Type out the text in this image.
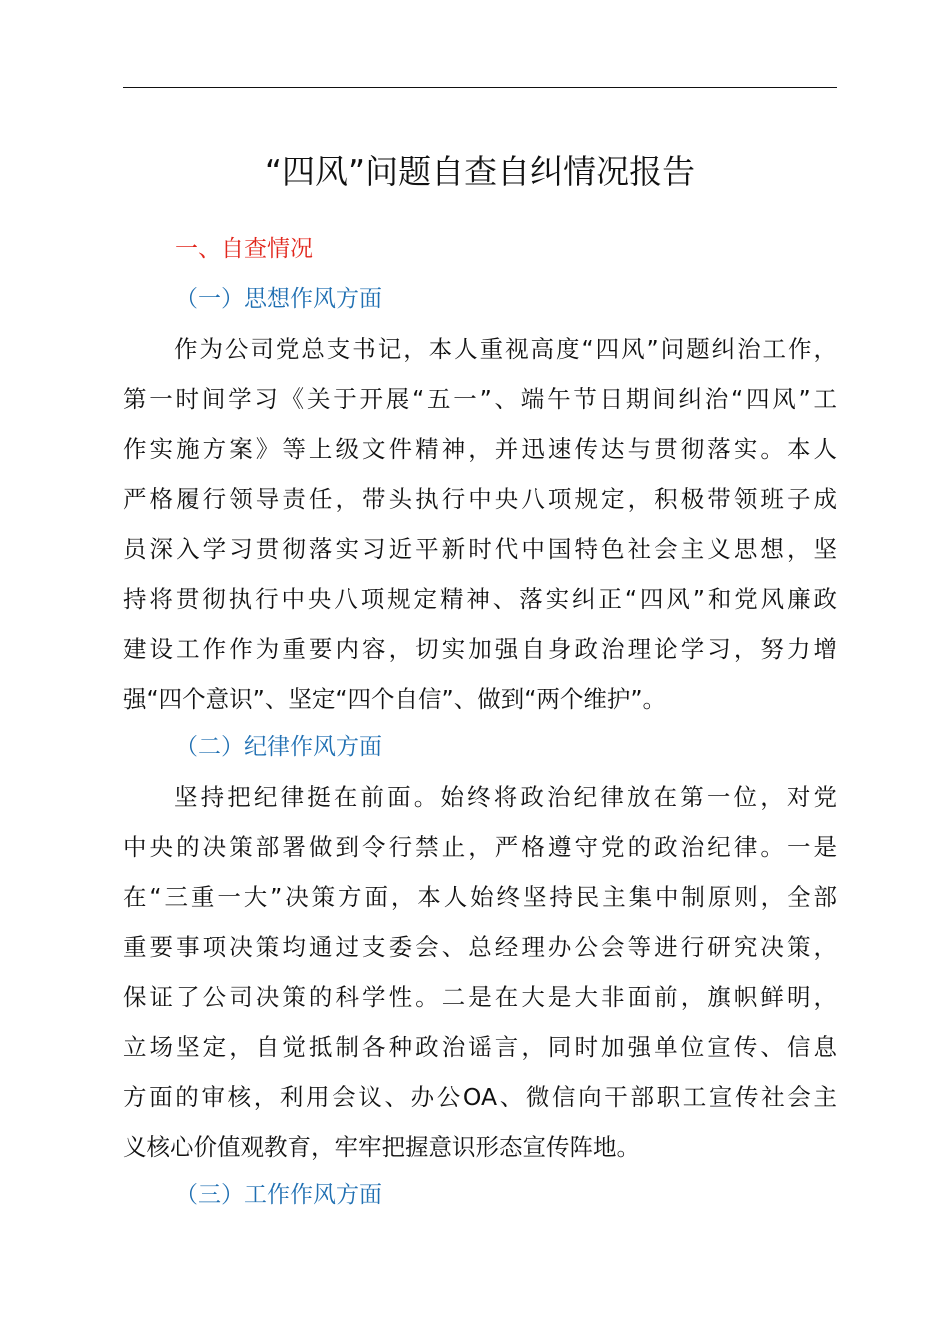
“四风”问题自查自纠情况报告
一、自查情况
（一）思想作风方面
作为公司党总支书记，本人重视高度“四风”问题纠治工作，
第一时间学习《关于开展“五一”、端午节日期间纠治“四风”工
作实施方案》等上级文件精神，并迅速传达与贯彻落实。本人
严格履行领导责任，带头执行中央八项规定，积极带领班子成
员深入学习贯彻落实习近平新时代中国特色社会主义思想，坚
持将贯彻执行中央八项规定精神、落实纠正“四风”和党风廉政
建设工作作为重要内容，切实加强自身政治理论学习，努力增
强“四个意识”、坚定“四个自信”、做到“两个维护”。
（二）纪律作风方面
坚持把纪律挺在前面。始终将政治纪律放在第一位，对党
中央的决策部署做到令行禁止，严格遵守党的政治纪律。一是
在“三重一大”决策方面，本人始终坚持民主集中制原则，全部
重要事项决策均通过支委会、总经理办公会等进行研究决策，
保证了公司决策的科学性。二是在大是大非面前，旗帜鲜明，
立场坚定，自觉抵制各种政治谣言，同时加强单位宣传、信息
方面的审核，利用会议、办公OA、微信向干部职工宣传社会主
义核心价值观教育，牢牢把握意识形态宣传阵地。
（三）工作作风方面
